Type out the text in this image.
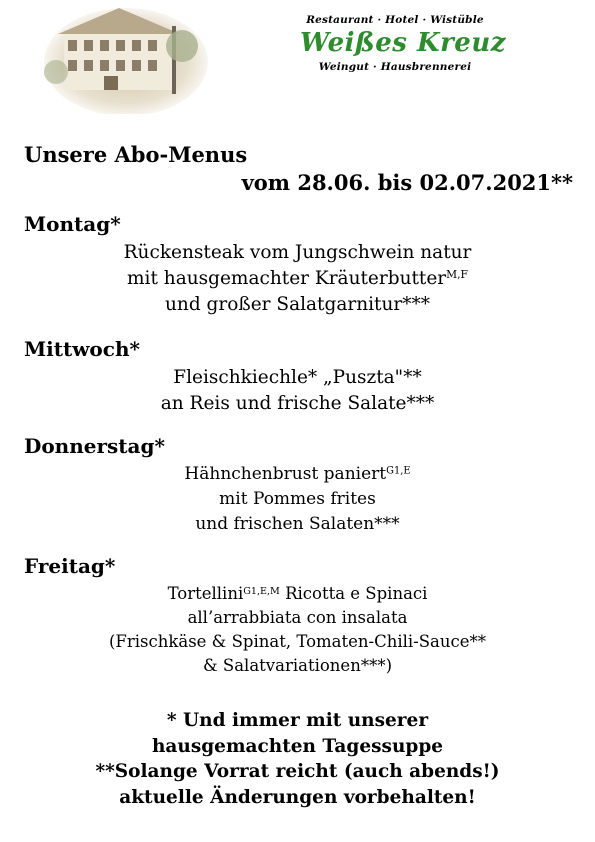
Restaurant · Hotel · Wistüble
Weißes Kreuz
Weingut · Hausbrennerei
Unsere Abo-Menus
vom 28.06. bis 02.07.2021**
Montag*
Rückensteak vom Jungschwein natur
mit hausgemachter Kräuterbutter$^{M,F}$
und großer Salatgarnitur***
Mittwoch*
Fleischkiechle* „Puszta"**
an Reis und frische Salate***
Donnerstag*
Hähnchenbrust paniert$^{G1,E}$
mit Pommes frites
und frischen Salaten***
Freitag*
Tortellini$^{G1,E,M}$ Ricotta e Spinaci
all’arrabbiata con insalata
(Frischkäse & Spinat, Tomaten-Chili-Sauce**
& Salatvariationen***)
* Und immer mit unserer
hausgemachten Tagessuppe
**Solange Vorrat reicht (auch abends!)
aktuelle Änderungen vorbehalten!
